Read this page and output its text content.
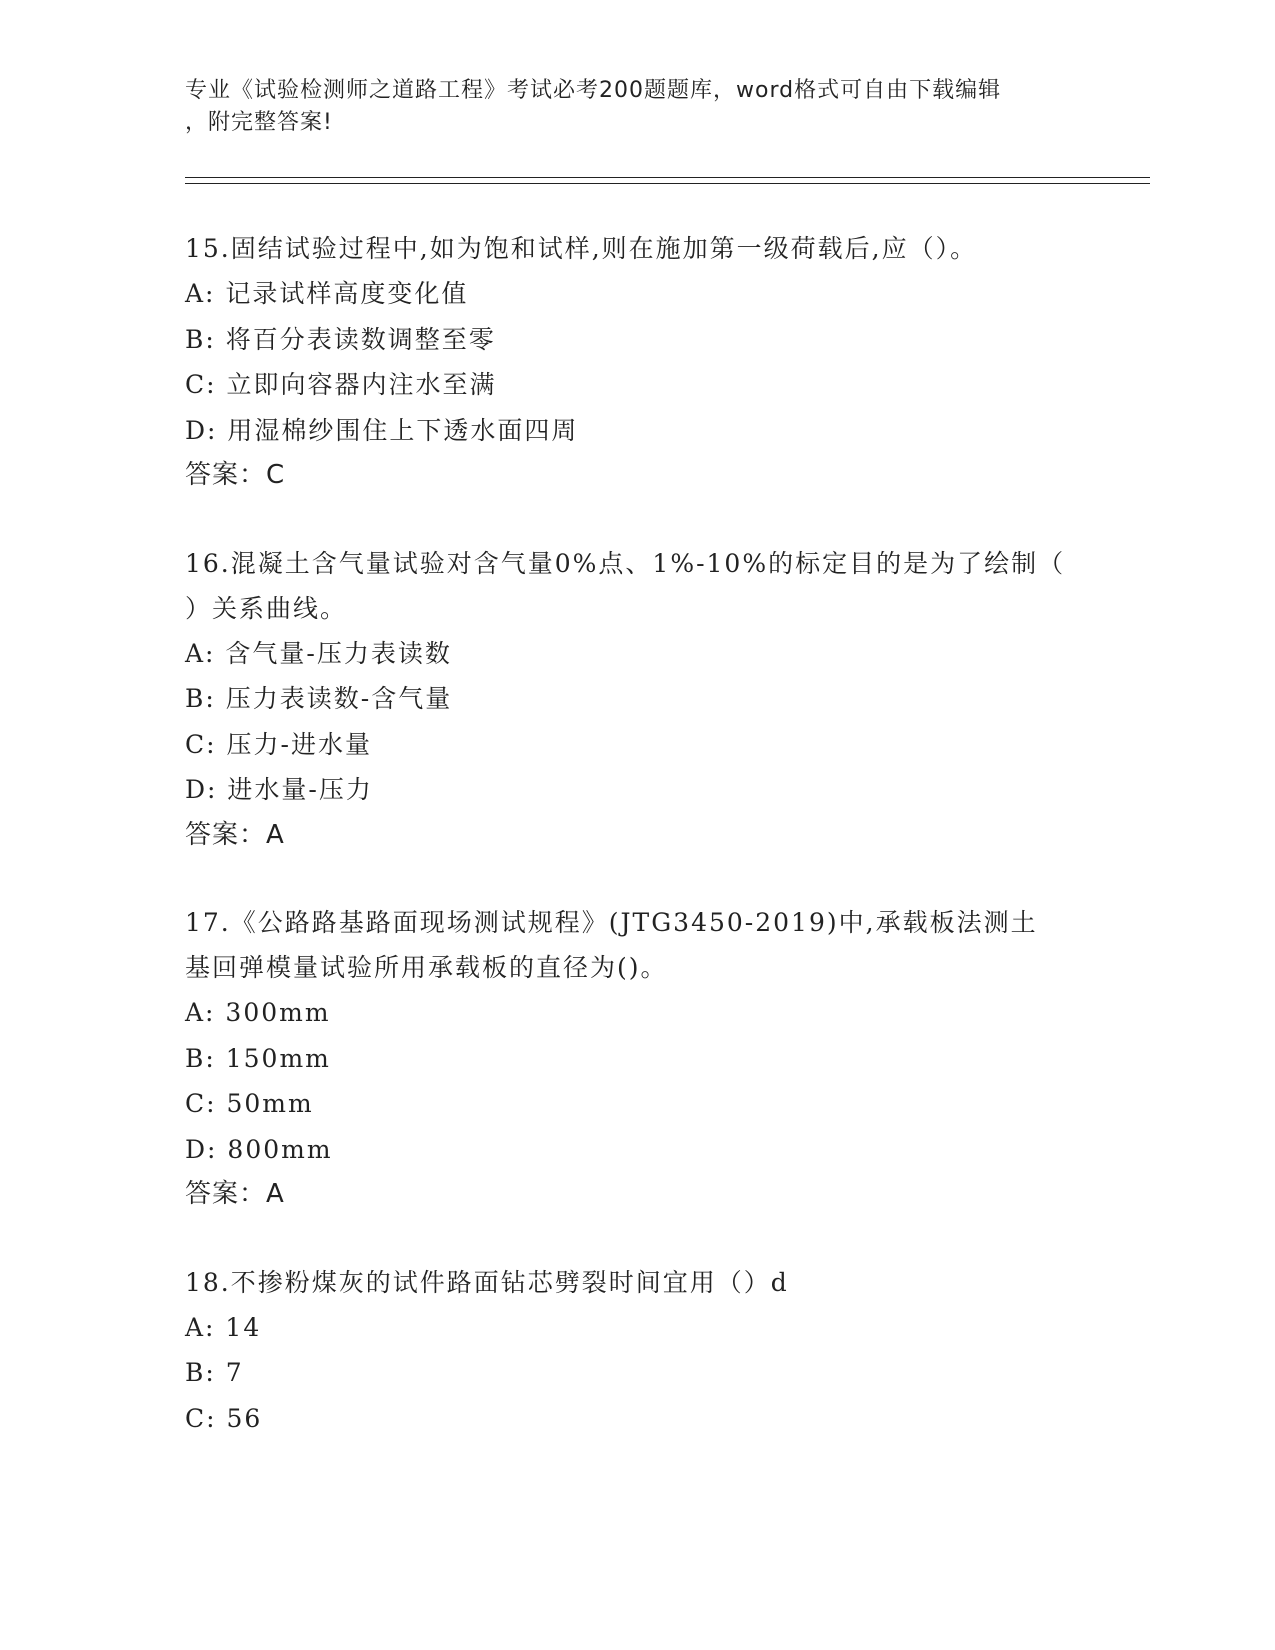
专业《试验检测师之道路工程》考试必考200题题库，word格式可自由下载编辑

，附完整答案!

15.固结试验过程中,如为饱和试样,则在施加第一级荷载后,应（）。

A: 记录试样高度变化值

B: 将百分表读数调整至零

C: 立即向容器内注水至满

D: 用湿棉纱围住上下透水面四周

答案：C

16.混凝土含气量试验对含气量0%点、1%-10%的标定目的是为了绘制（
）关系曲线。

A: 含气量-压力表读数

B: 压力表读数-含气量

C: 压力-进水量

D: 进水量-压力

答案：A

17.《公路路基路面现场测试规程》(JTG3450-2019)中,承载板法测土
基回弹模量试验所用承载板的直径为()。

A: 300mm

B: 150mm

C: 50mm

D: 800mm

答案：A

18.不掺粉煤灰的试件路面钻芯劈裂时间宜用（）d

A: 14

B: 7

C: 56
